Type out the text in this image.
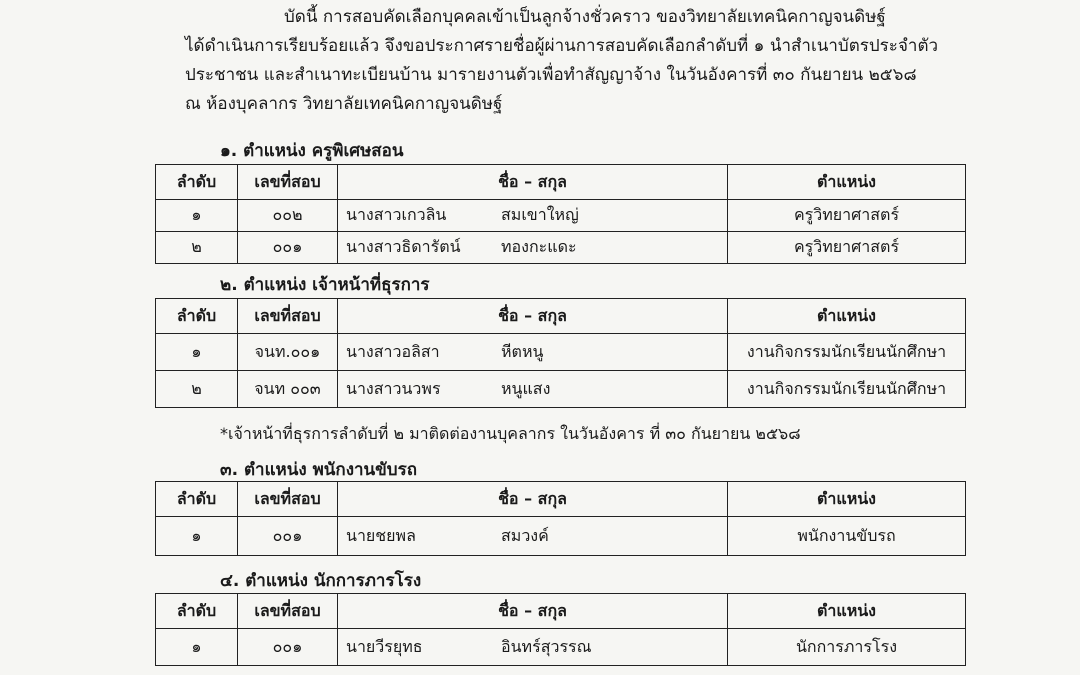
บัดนี้ การสอบคัดเลือกบุคคลเข้าเป็นลูกจ้างชั่วคราว ของวิทยาลัยเทคนิคกาญจนดิษฐ์
ได้ดำเนินการเรียบร้อยแล้ว จึงขอประกาศรายชื่อผู้ผ่านการสอบคัดเลือกลำดับที่ ๑ นำสำเนาบัตรประจำตัว
ประชาชน และสำเนาทะเบียนบ้าน มารายงานตัวเพื่อทำสัญญาจ้าง ในวันอังคารที่ ๓๐ กันยายน ๒๕๖๘
ณ ห้องบุคลากร วิทยาลัยเทคนิคกาญจนดิษฐ์
๑. ตำแหน่ง ครูพิเศษสอน
ลำดับ	เลขที่สอบ	ชื่อ – สกุล	ตำแหน่ง
๑	๐๐๒	นางสาวเกวลิน สมเขาใหญ่	ครูวิทยาศาสตร์
๒	๐๐๑	นางสาวธิดารัตน์ ทองกะแดะ	ครูวิทยาศาสตร์
๒. ตำแหน่ง เจ้าหน้าที่ธุรการ
ลำดับ	เลขที่สอบ	ชื่อ – สกุล	ตำแหน่ง
๑	จนท.๐๐๑	นางสาวอลิสา หีตหนู	งานกิจกรรมนักเรียนนักศึกษา
๒	จนท ๐๐๓	นางสาวนวพร หนูแสง	งานกิจกรรมนักเรียนนักศึกษา
*เจ้าหน้าที่ธุรการลำดับที่ ๒ มาติดต่องานบุคลากร ในวันอังคาร ที่ ๓๐ กันยายน ๒๕๖๘
๓. ตำแหน่ง พนักงานขับรถ
ลำดับ	เลขที่สอบ	ชื่อ – สกุล	ตำแหน่ง
๑	๐๐๑	นายชยพล สมวงค์	พนักงานขับรถ
๔. ตำแหน่ง นักการภารโรง
ลำดับ	เลขที่สอบ	ชื่อ – สกุล	ตำแหน่ง
๑	๐๐๑	นายวีรยุทธ อินทร์สุวรรณ	นักการภารโรง
